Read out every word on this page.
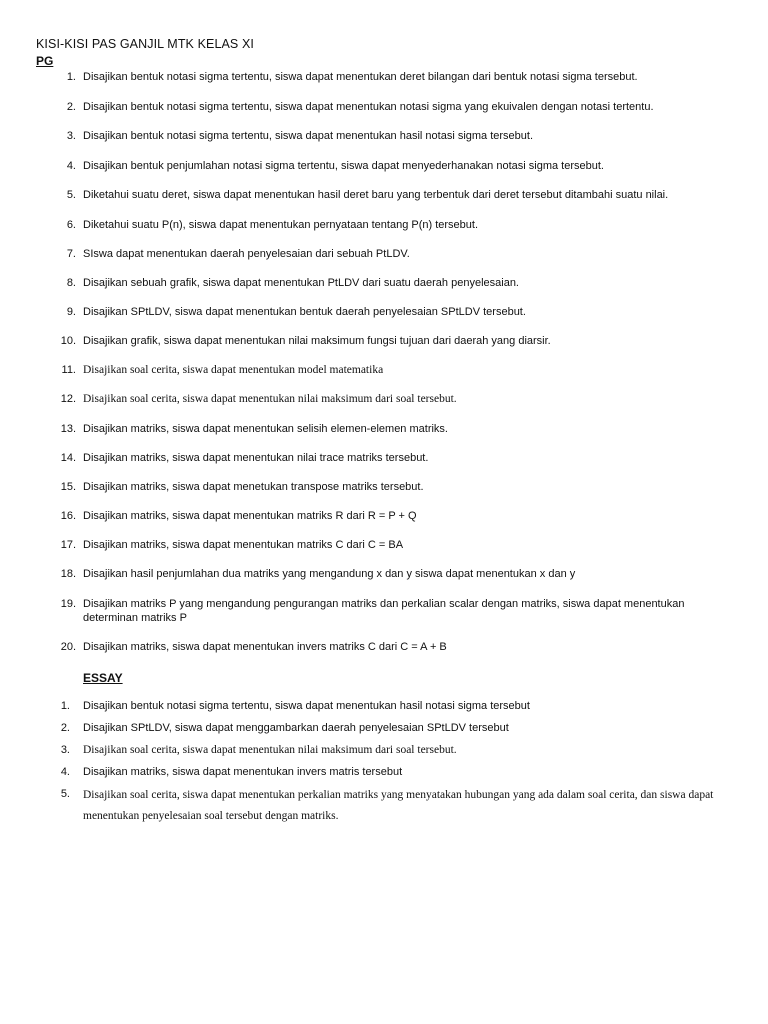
KISI-KISI PAS GANJIL MTK KELAS XI
PG
1. Disajikan bentuk notasi sigma tertentu, siswa dapat menentukan deret bilangan dari bentuk notasi sigma tersebut.
2. Disajikan bentuk notasi sigma tertentu, siswa dapat menentukan notasi sigma yang ekuivalen dengan notasi tertentu.
3. Disajikan bentuk notasi sigma tertentu, siswa dapat menentukan hasil notasi sigma tersebut.
4. Disajikan bentuk penjumlahan notasi sigma tertentu, siswa dapat menyederhanakan notasi sigma tersebut.
5. Diketahui suatu deret, siswa dapat menentukan hasil deret baru yang terbentuk dari deret tersebut ditambahi suatu nilai.
6. Diketahui suatu P(n), siswa dapat menentukan pernyataan tentang P(n) tersebut.
7. SIswa dapat menentukan daerah penyelesaian dari sebuah PtLDV.
8. Disajikan sebuah grafik, siswa dapat menentukan PtLDV dari suatu daerah penyelesaian.
9. Disajikan SPtLDV, siswa dapat menentukan bentuk daerah penyelesaian SPtLDV tersebut.
10. Disajikan grafik, siswa dapat menentukan nilai maksimum fungsi tujuan dari daerah yang diarsir.
11. Disajikan soal cerita, siswa dapat menentukan model matematika
12. Disajikan soal cerita, siswa dapat menentukan nilai maksimum dari soal tersebut.
13. Disajikan matriks, siswa dapat menentukan selisih elemen-elemen matriks.
14. Disajikan matriks, siswa dapat menentukan nilai trace matriks tersebut.
15. Disajikan matriks, siswa dapat menetukan transpose matriks tersebut.
16. Disajikan matriks, siswa dapat menentukan matriks R dari R = P + Q
17. Disajikan matriks, siswa dapat menentukan matriks C dari C = BA
18. Disajikan hasil penjumlahan dua matriks yang mengandung x dan y siswa dapat menentukan x dan y
19. Disajikan matriks P yang mengandung pengurangan matriks dan perkalian scalar dengan matriks, siswa dapat menentukan determinan matriks P
20. Disajikan matriks, siswa dapat menentukan invers matriks C dari C = A + B
ESSAY
1. Disajikan bentuk notasi sigma tertentu, siswa dapat menentukan hasil notasi sigma tersebut
2. Disajikan SPtLDV, siswa dapat menggambarkan daerah penyelesaian SPtLDV tersebut
3. Disajikan soal cerita, siswa dapat menentukan nilai maksimum dari soal tersebut.
4. Disajikan matriks, siswa dapat menentukan invers matris tersebut
5. Disajikan soal cerita, siswa dapat menentukan perkalian matriks yang menyatakan hubungan yang ada dalam soal cerita, dan siswa dapat menentukan penyelesaian soal tersebut dengan matriks.
